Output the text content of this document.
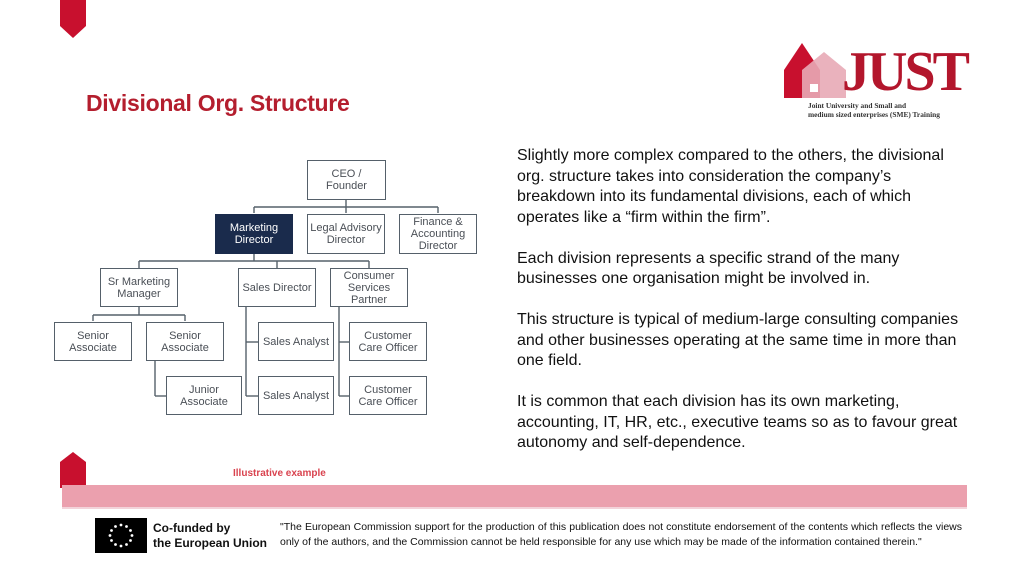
Divisional Org. Structure	JUST
Joint University and Small and
medium sized enterprises (SME) Training
CEO /
Founder
Marketing
Director
Legal Advisory
Director
Finance &
Accounting
Director
Sr Marketing
Manager	Sales Director
Consumer
Services
Partner
Senior
Associate
Senior
Associate	Sales Analyst	Customer
Care Officer
Junior
Associate	Sales Analyst	Customer
Care Officer

Slightly more complex compared to the others, the divisional org. structure takes into consideration the company’s breakdown into its fundamental divisions, each of which operates like a “firm within the firm”.

Each division represents a specific strand of the many businesses one organisation might be involved in.

This structure is typical of medium-large consulting companies and other businesses operating at the same time in more than one field.

It is common that each division has its own marketing, accounting, IT, HR, etc., executive teams so as to favour great autonomy and self-dependence.

Illustrative example
Co-funded by
the European Union
"The European Commission support for the production of this publication does not constitute endorsement of the contents which reflects the views only of the authors, and the Commission cannot be held responsible for any use which may be made of the information contained therein."
